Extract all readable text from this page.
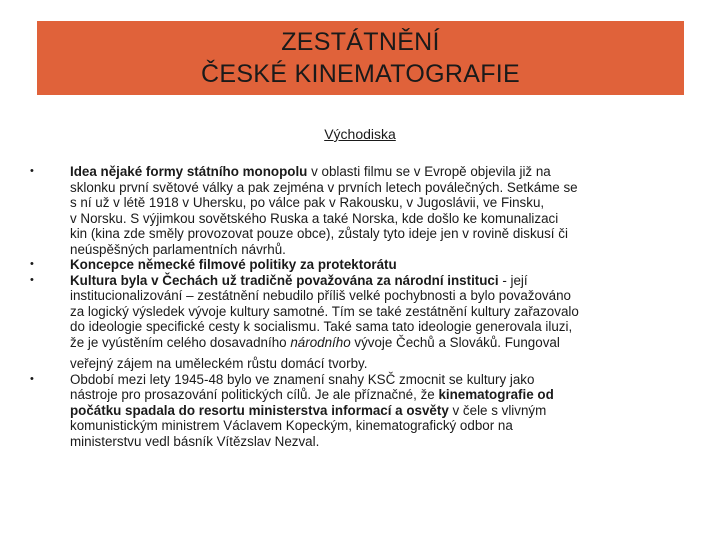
ZESTÁTNĚNÍ
ČESKÉ KINEMATOGRAFIE
Východiska
•	Idea nějaké formy státního monopolu v oblasti filmu se v Evropě objevila již na
sklonku první světové války a pak zejména v prvních letech poválečných. Setkáme se
s ní už v létě 1918 v Uhersku, po válce pak v Rakousku, v Jugoslávii, ve Finsku,
v Norsku. S výjimkou sovětského Ruska a také Norska, kde došlo ke komunalizaci
kin (kina zde směly provozovat pouze obce), zůstaly tyto ideje jen v rovině diskusí či
neúspěšných parlamentních návrhů.
•	Koncepce německé filmové politiky za protektorátu
•	Kultura byla v Čechách už tradičně považována za národní instituci - její
institucionalizování – zestátnění nebudilo příliš velké pochybnosti a bylo považováno
za logický výsledek vývoje kultury samotné. Tím se také zestátnění kultury zařazovalo
do ideologie specifické cesty k socialismu. Také sama tato ideologie generovala iluzi,
že je vyústěním celého dosavadního národního vývoje Čechů a Slováků. Fungoval
veřejný zájem na uměleckém růstu domácí tvorby.
•	Období mezi lety 1945-48 bylo ve znamení snahy KSČ zmocnit se kultury jako
nástroje pro prosazování politických cílů. Je ale příznačné, že kinematografie od
počátku spadala do resortu ministerstva informací a osvěty v čele s vlivným
komunistickým ministrem Václavem Kopeckým, kinematografický odbor na
ministerstvu vedl básník Vítězslav Nezval.
